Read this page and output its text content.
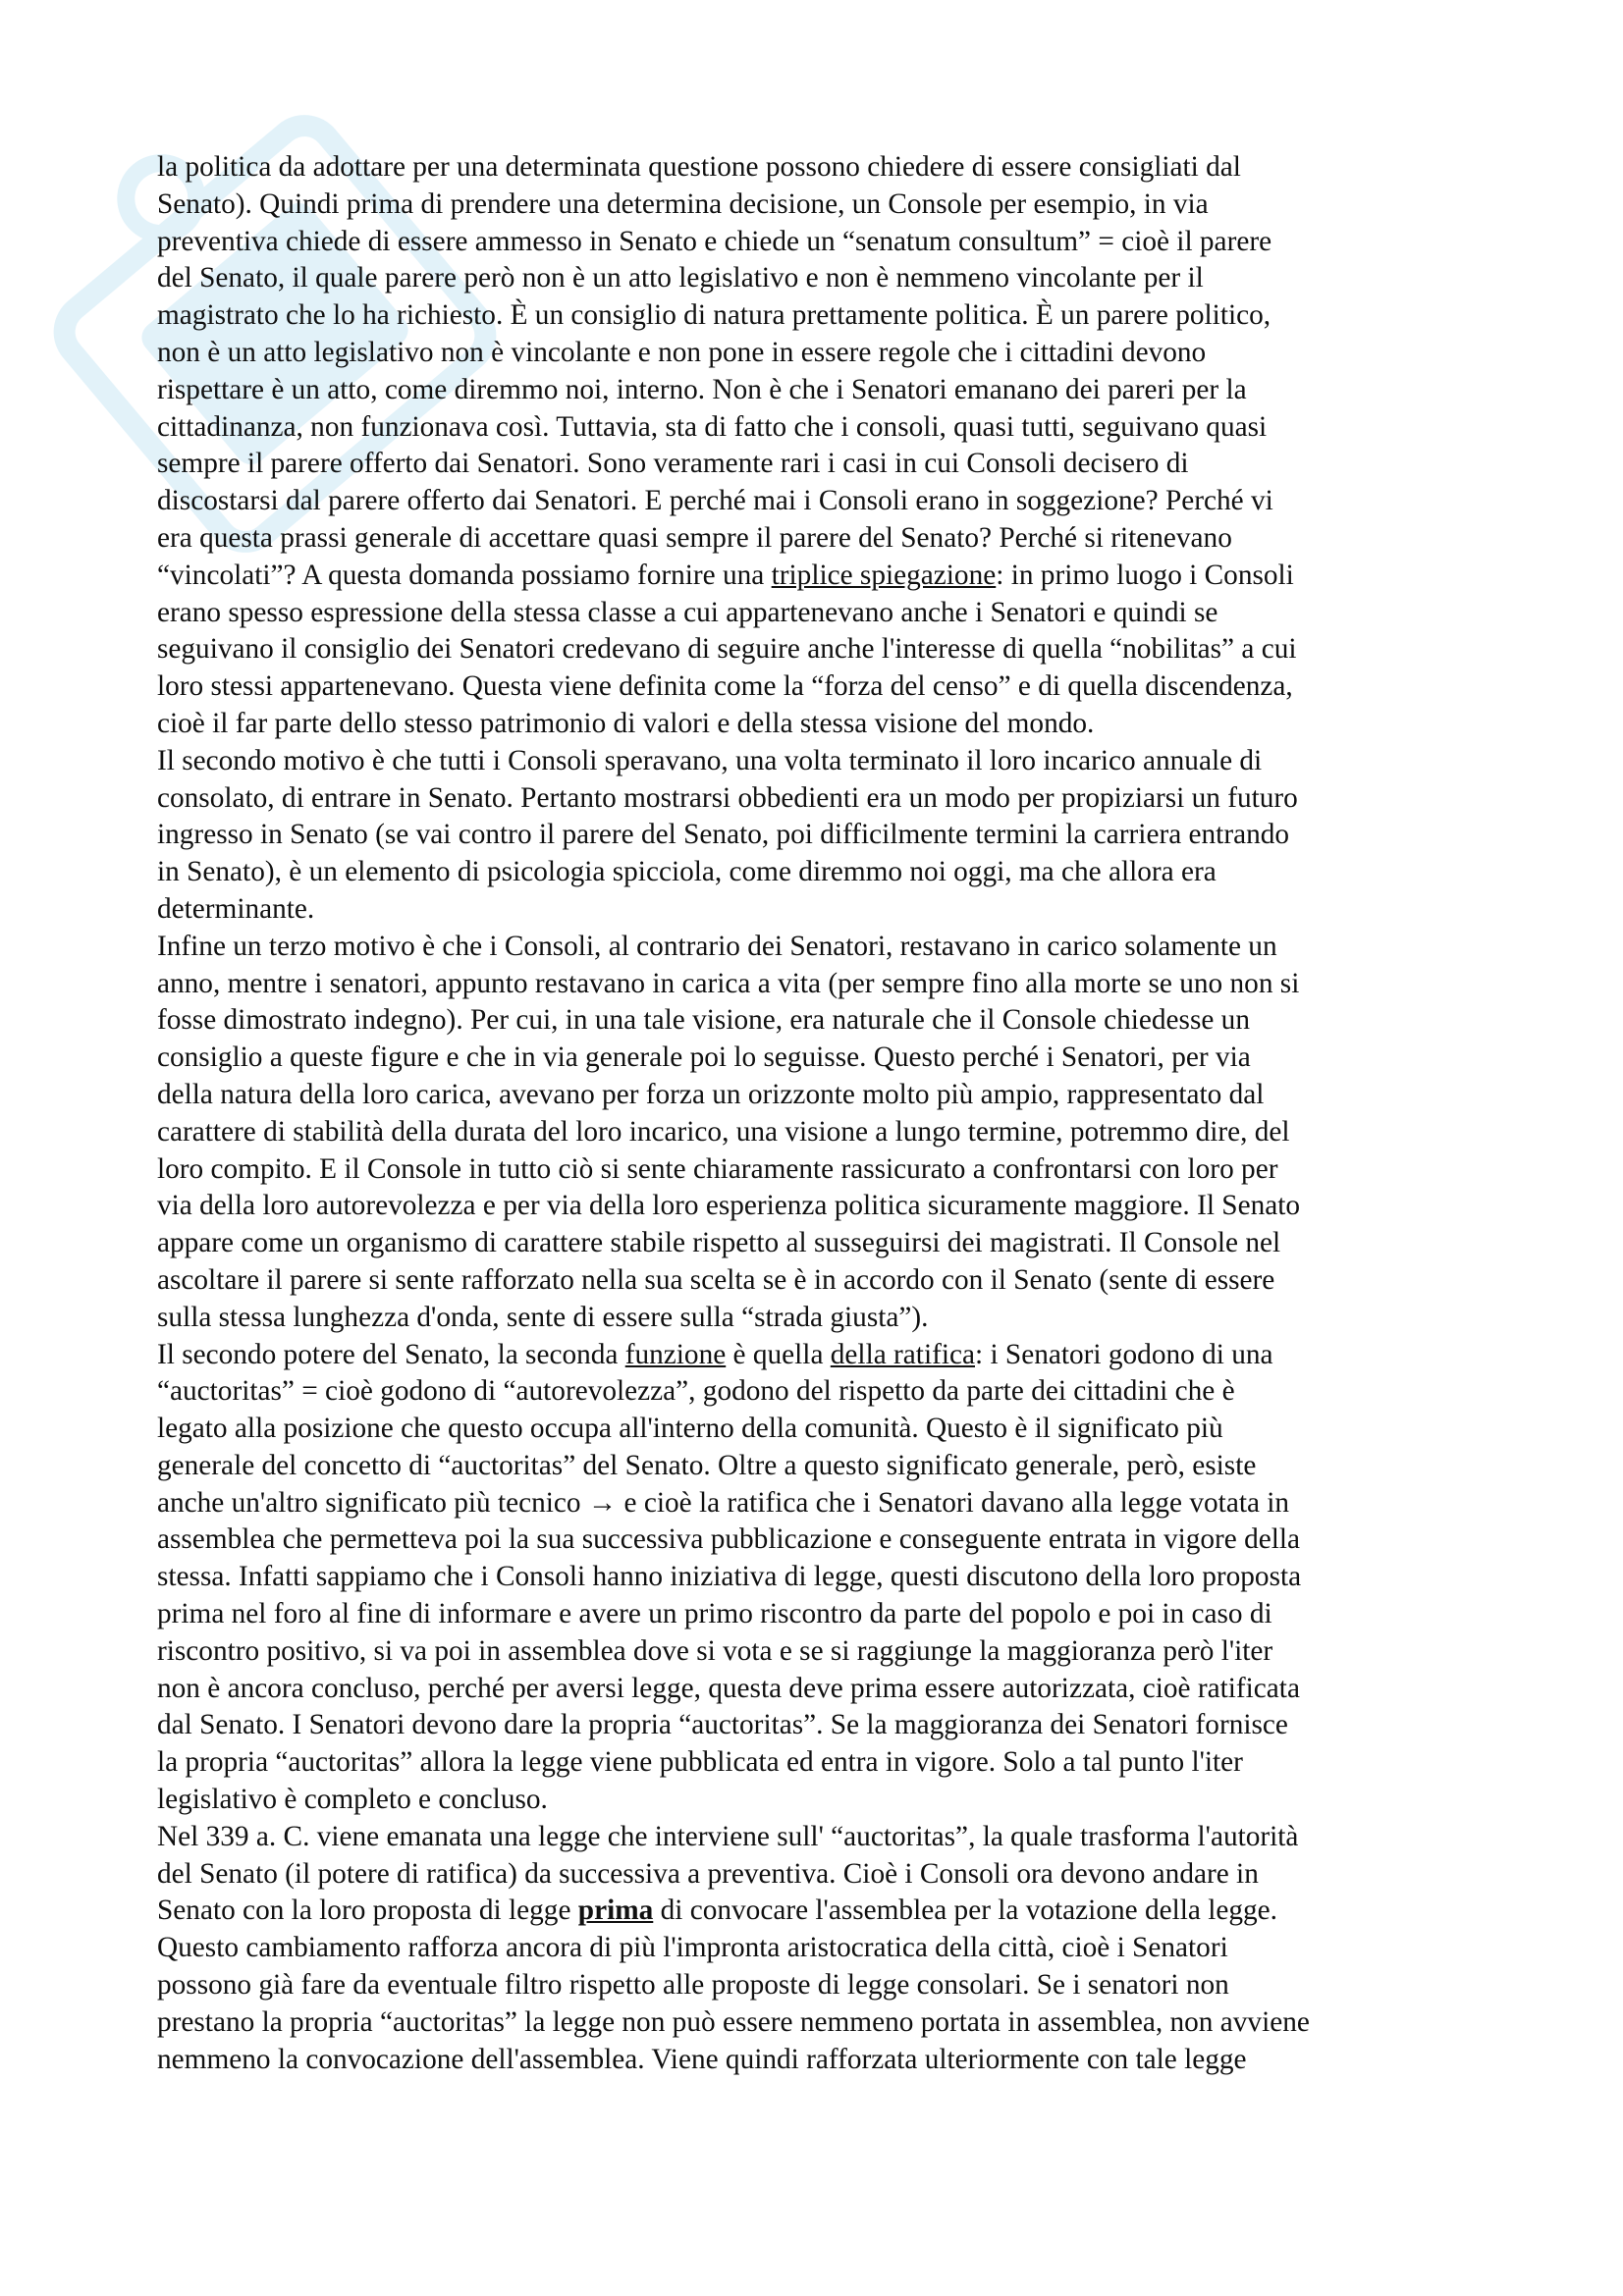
la politica da adottare per una determinata questione possono chiedere di essere consigliati dal
Senato). Quindi prima di prendere una determina decisione, un Console per esempio, in via
preventiva chiede di essere ammesso in Senato e chiede un “senatum consultum” = cioè il parere
del Senato, il quale parere però non è un atto legislativo e non è nemmeno vincolante per il
magistrato che lo ha richiesto. È un consiglio di natura prettamente politica. È un parere politico,
non è un atto legislativo non è vincolante e non pone in essere regole che i cittadini devono
rispettare è un atto, come diremmo noi, interno. Non è che i Senatori emanano dei pareri per la
cittadinanza, non funzionava così. Tuttavia, sta di fatto che i consoli, quasi tutti, seguivano quasi
sempre il parere offerto dai Senatori. Sono veramente rari i casi in cui Consoli decisero di
discostarsi dal parere offerto dai Senatori. E perché mai i Consoli erano in soggezione? Perché vi
era questa prassi generale di accettare quasi sempre il parere del Senato? Perché si ritenevano
“vincolati”? A questa domanda possiamo fornire una triplice spiegazione: in primo luogo i Consoli
erano spesso espressione della stessa classe a cui appartenevano anche i Senatori e quindi se
seguivano il consiglio dei Senatori credevano di seguire anche l'interesse di quella “nobilitas” a cui
loro stessi appartenevano. Questa viene definita come la “forza del censo” e di quella discendenza,
cioè il far parte dello stesso patrimonio di valori e della stessa visione del mondo.
Il secondo motivo è che tutti i Consoli speravano, una volta terminato il loro incarico annuale di
consolato, di entrare in Senato. Pertanto mostrarsi obbedienti era un modo per propiziarsi un futuro
ingresso in Senato (se vai contro il parere del Senato, poi difficilmente termini la carriera entrando
in Senato), è un elemento di psicologia spicciola, come diremmo noi oggi, ma che allora era
determinante.
Infine un terzo motivo è che i Consoli, al contrario dei Senatori, restavano in carico solamente un
anno, mentre i senatori, appunto restavano in carica a vita (per sempre fino alla morte se uno non si
fosse dimostrato indegno). Per cui, in una tale visione, era naturale che il Console chiedesse un
consiglio a queste figure e che in via generale poi lo seguisse. Questo perché i Senatori, per via
della natura della loro carica, avevano per forza un orizzonte molto più ampio, rappresentato dal
carattere di stabilità della durata del loro incarico, una visione a lungo termine, potremmo dire, del
loro compito. E il Console in tutto ciò si sente chiaramente rassicurato a confrontarsi con loro per
via della loro autorevolezza e per via della loro esperienza politica sicuramente maggiore. Il Senato
appare come un organismo di carattere stabile rispetto al susseguirsi dei magistrati. Il Console nel
ascoltare il parere si sente rafforzato nella sua scelta se è in accordo con il Senato (sente di essere
sulla stessa lunghezza d'onda, sente di essere sulla “strada giusta”).
Il secondo potere del Senato, la seconda funzione è quella della ratifica: i Senatori godono di una
“auctoritas” = cioè godono di “autorevolezza”, godono del rispetto da parte dei cittadini che è
legato alla posizione che questo occupa all'interno della comunità. Questo è il significato più
generale del concetto di “auctoritas” del Senato. Oltre a questo significato generale, però, esiste
anche un'altro significato più tecnico → e cioè la ratifica che i Senatori davano alla legge votata in
assemblea che permetteva poi la sua successiva pubblicazione e conseguente entrata in vigore della
stessa. Infatti sappiamo che i Consoli hanno iniziativa di legge, questi discutono della loro proposta
prima nel foro al fine di informare e avere un primo riscontro da parte del popolo e poi in caso di
riscontro positivo, si va poi in assemblea dove si vota e se si raggiunge la maggioranza però l'iter
non è ancora concluso, perché per aversi legge, questa deve prima essere autorizzata, cioè ratificata
dal Senato. I Senatori devono dare la propria “auctoritas”. Se la maggioranza dei Senatori fornisce
la propria “auctoritas” allora la legge viene pubblicata ed entra in vigore. Solo a tal punto l'iter
legislativo è completo e concluso.
Nel 339 a. C. viene emanata una legge che interviene sull' “auctoritas”, la quale trasforma l'autorità
del Senato (il potere di ratifica) da successiva a preventiva. Cioè i Consoli ora devono andare in
Senato con la loro proposta di legge prima di convocare l'assemblea per la votazione della legge.
Questo cambiamento rafforza ancora di più l'impronta aristocratica della città, cioè i Senatori
possono già fare da eventuale filtro rispetto alle proposte di legge consolari. Se i senatori non
prestano la propria “auctoritas” la legge non può essere nemmeno portata in assemblea, non avviene
nemmeno la convocazione dell'assemblea. Viene quindi rafforzata ulteriormente con tale legge
